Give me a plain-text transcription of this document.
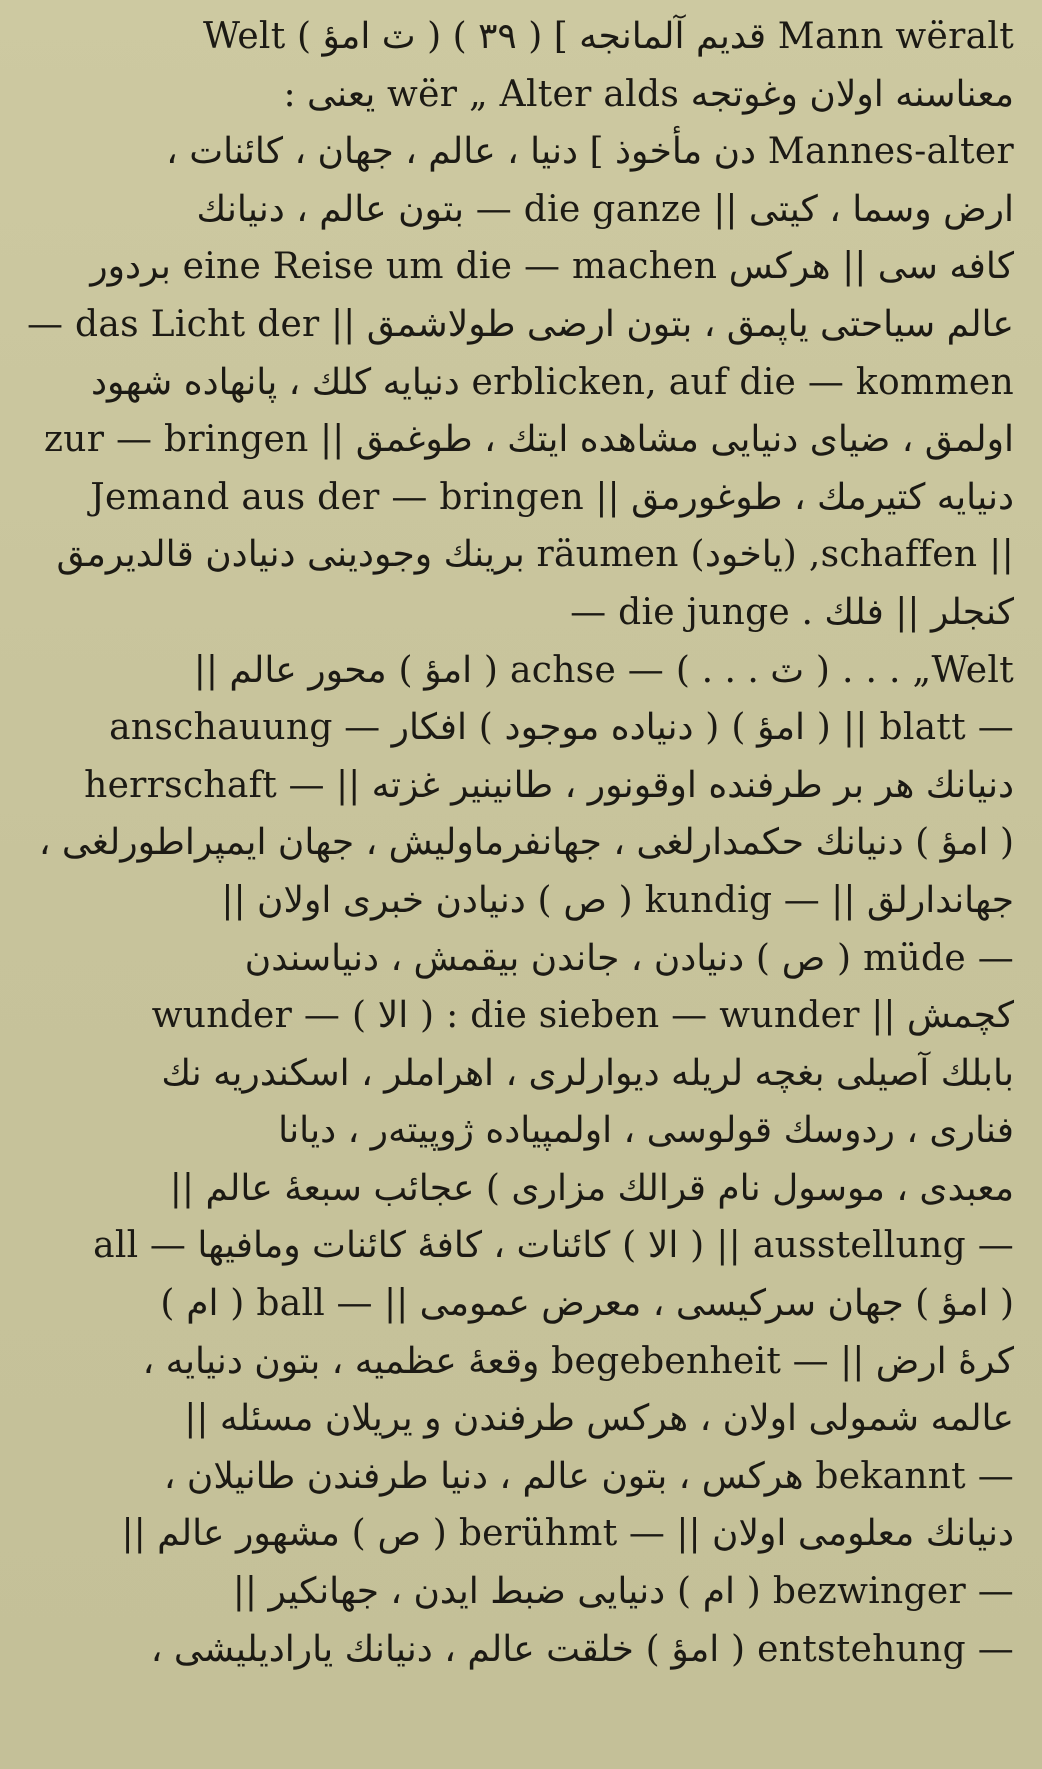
Mann wëralt قديم آلمانجه ] ( ٣٩ ) ( ٽ امؤ ) Welt
معناسنه اولان وغوتجه wër „ Alter alds يعنى :
Mannes-alter دن مأخوذ ] دنيا ، عالم ، جهان ، كائنات ،
ارض وسما ، كيتى || die ganze — بتون عالم ، دنيانك
كافه سى || هركس eine Reise um die — machen بردور
عالم سياحتى ياپمق ، بتون ارضى طولاشمق || das Licht der —
erblicken, auf die — kommen دنيايه كلك ، پانهاده شهود
اولمق ، ضياى دنيايى مشاهده ايتك ، طوغمق || zur — bringen
دنيايه كتيرمك ، طوغورمق || Jemand aus der — bringen
|| schaffen, (ياخود) räumen برينك وجودينى دنيادن قالديرمق
كنجلر || فلك . die junge —
Welt„ . . . ( ٽ . . . ) — achse ( امؤ ) محور عالم ||
— blatt || ( امؤ ) ( دنياده موجود ) افكار — anschauung
دنيانك هر بر طرفنده اوقونور ، طانينير غزته || — herrschaft
( امؤ ) دنيانك حكمدارلغى ، جهانفرماوليش ، جهان ايمپراطورلغى ،
جهاندارلق || — kundig ( ص ) دنيادن خبرى اولان ||
— müde ( ص ) دنيادن ، جاندن بيقمش ، دنياسندن
كچمش || die sieben — wunder : ( الا ) — wunder
بابلك آصيلى بغچه لريله ديوارلرى ، اهراملر ، اسكندريه نك
فنارى ، ردوسك قولوسى ، اولمپياده ژوپيتەر ، ديانا
معبدى ، موسول نام قرالك مزارى ) عجائب سبعهٔ عالم ||
— ausstellung || ( الا ) كائنات ، كافهٔ كائنات ومافيها — all
( امؤ ) جهان سركيسى ، معرض عمومى || — ball ( ام )
كرهٔ ارض || — begebenheit وقعهٔ عظميه ، بتون دنيايه ،
عالمه شمولى اولان ، هركس طرفندن و يريلان مسئله ||
— bekannt هركس ، بتون عالم ، دنيا طرفندن طانيلان ،
دنيانك معلومى اولان || — berühmt ( ص ) مشهور عالم ||
— bezwinger ( ام ) دنيايى ضبط ايدن ، جهانكير ||
— entstehung ( امؤ ) خلقت عالم ، دنيانك ياراديليشى ،
